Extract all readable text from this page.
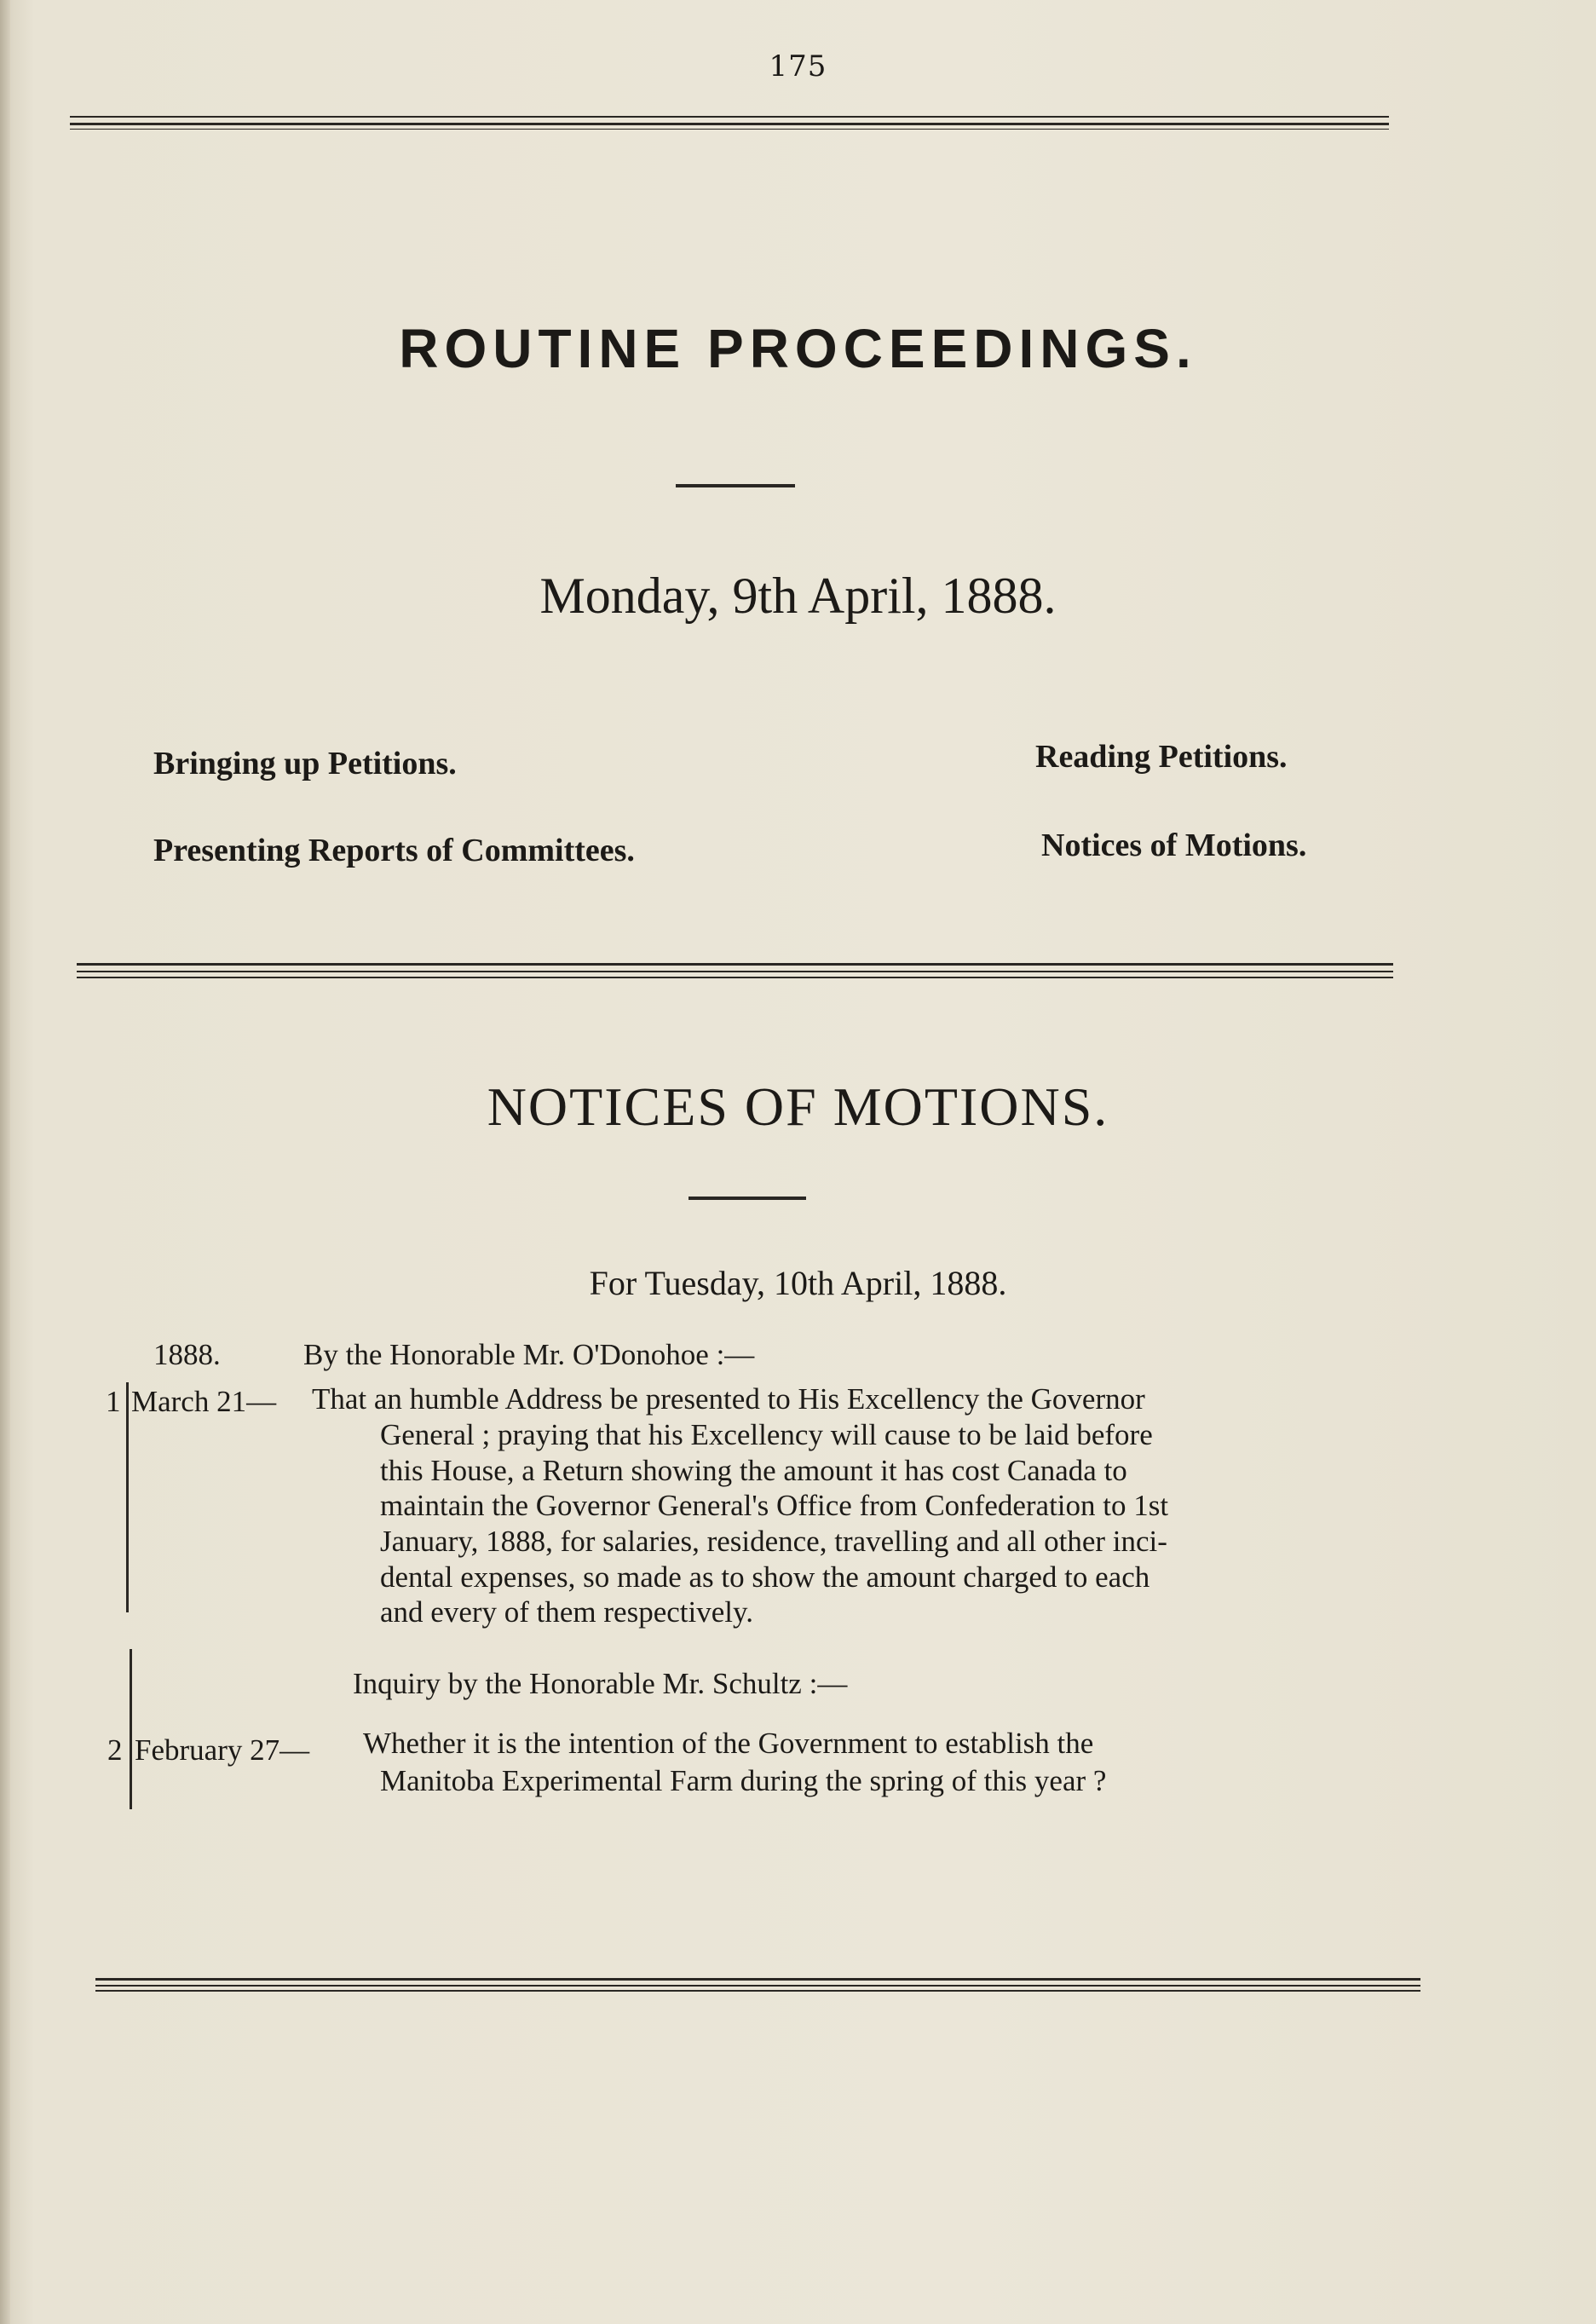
175
ROUTINE PROCEEDINGS.
Monday, 9th April, 1888.
Bringing up Petitions.	Reading Petitions.
Presenting Reports of Committees.	Notices of Motions.
NOTICES OF MOTIONS.
For Tuesday, 10th April, 1888.
1888.	By the Honorable Mr. O'Donohoe :—
1 March 21— That an humble Address be presented to His Excellency the Governor
General ; praying that his Excellency will cause to be laid before
this House, a Return showing the amount it has cost Canada to
maintain the Governor General's Office from Confederation to 1st
January, 1888, for salaries, residence, travelling and all other inci-
dental expenses, so made as to show the amount charged to each
and every of them respectively.
Inquiry by the Honorable Mr. Schultz :—
2 February 27— Whether it is the intention of the Government to establish the
Manitoba Experimental Farm during the spring of this year ?
